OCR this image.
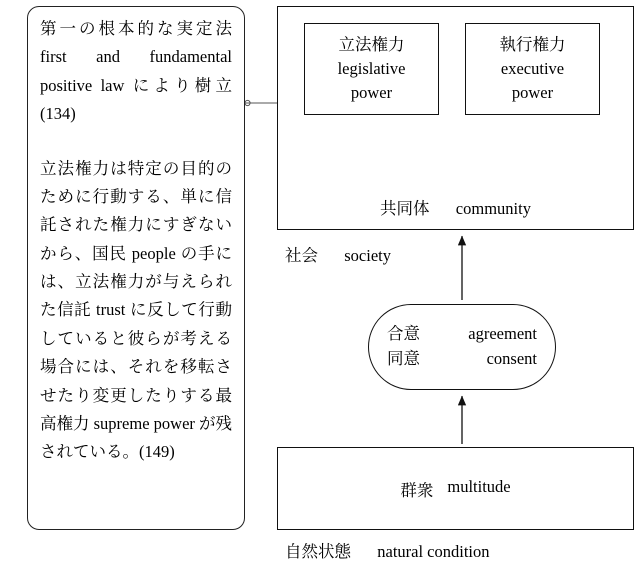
第一の根本的な実定法 first and fundamental positive law により樹立 (134)

立法権力は特定の目的のために行動する、単に信託された権力にすぎないから、国民 people の手には、立法権力が与えられた信託 trust に反して行動していると彼らが考える場合には、それを移転させたり変更したりする最高権力 supreme power が残されている。(149)

立法権力
legislative
power
執行権力
executive
power
共同体 community
社会 society
合意	agreement
同意	consent
群衆 multitude
自然状態 natural condition
